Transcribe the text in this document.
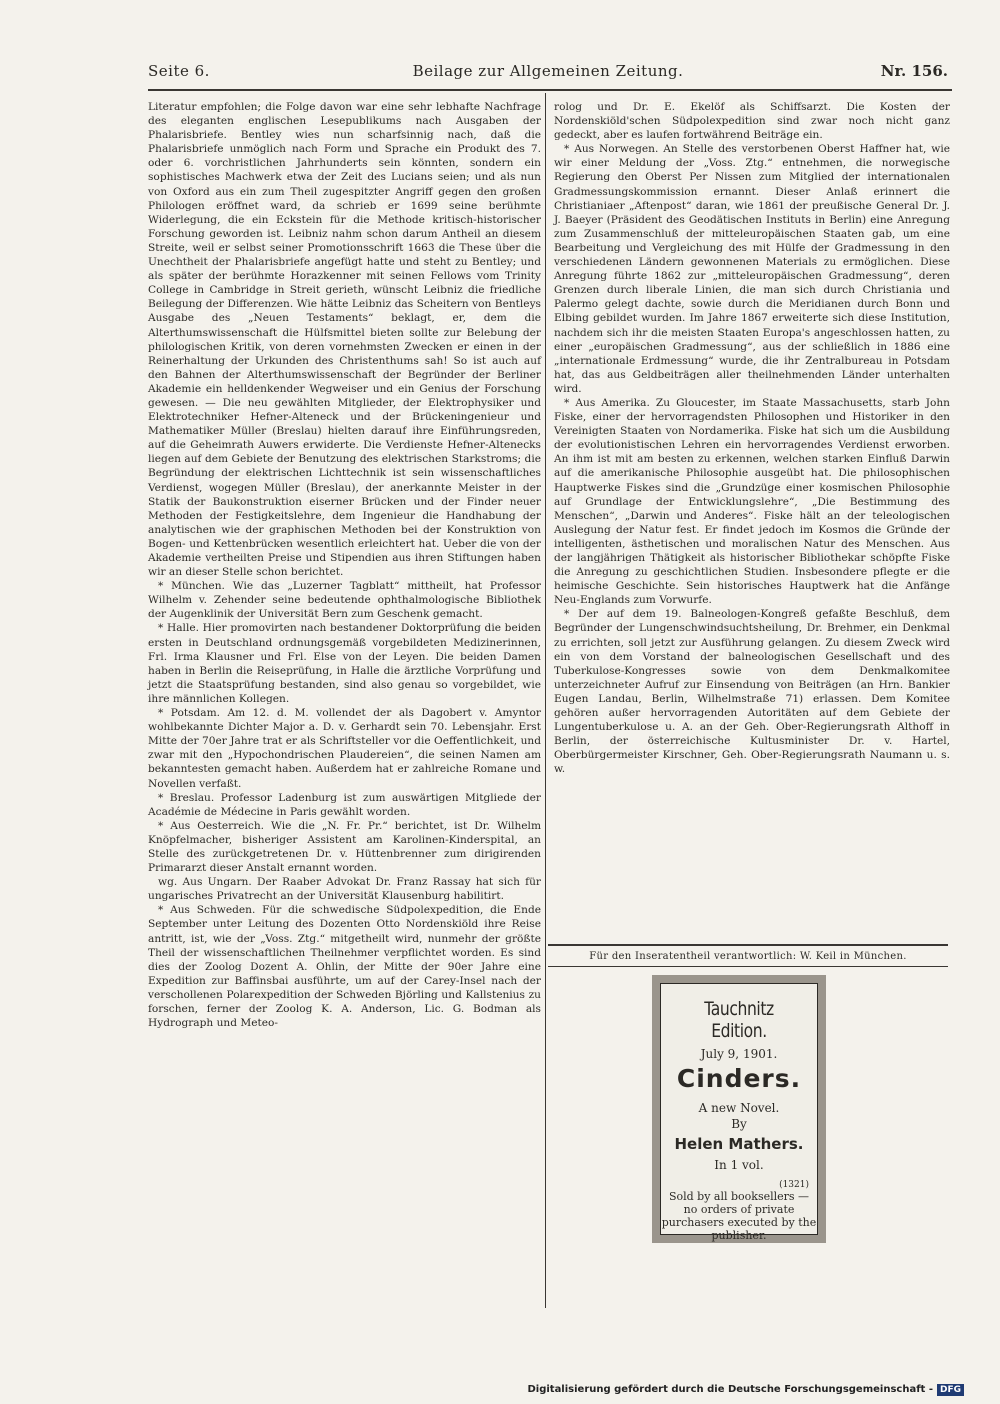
Seite 6.	Beilage zur Allgemeinen Zeitung.	Nr. 156.

Literatur empfohlen; die Folge davon war eine sehr lebhafte Nachfrage des eleganten englischen Lesepublikums nach Ausgaben der Phalarisbriefe. Bentley wies nun scharfsinnig nach, daß die Phalarisbriefe unmöglich nach Form und Sprache ein Produkt des 7. oder 6. vorchristlichen Jahrhunderts sein könnten, sondern ein sophistisches Machwerk etwa der Zeit des Lucians seien; und als nun von Oxford aus ein zum Theil zugespitzter Angriff gegen den großen Philologen eröffnet ward, da schrieb er 1699 seine berühmte Widerlegung, die ein Eckstein für die Methode kritisch-historischer Forschung geworden ist. Leibniz nahm schon darum Antheil an diesem Streite, weil er selbst seiner Promotionsschrift 1663 die These über die Unechtheit der Phalarisbriefe angefügt hatte und steht zu Bentley; und als später der berühmte Horazkenner mit seinen Fellows vom Trinity College in Cambridge in Streit gerieth, wünscht Leibniz die friedliche Beilegung der Differenzen. Wie hätte Leibniz das Scheitern von Bentleys Ausgabe des „Neuen Testaments“ beklagt, er, dem die Alterthumswissenschaft die Hülfsmittel bieten sollte zur Belebung der philologischen Kritik, von deren vornehmsten Zwecken er einen in der Reinerhaltung der Urkunden des Christenthums sah! So ist auch auf den Bahnen der Alterthumswissenschaft der Begründer der Berliner Akademie ein helldenkender Wegweiser und ein Genius der Forschung gewesen. — Die neu gewählten Mitglieder, der Elektrophysiker und Elektrotechniker Hefner-Alteneck und der Brückeningenieur und Mathematiker Müller (Breslau) hielten darauf ihre Einführungsreden, auf die Geheimrath Auwers erwiderte. Die Verdienste Hefner-Altenecks liegen auf dem Gebiete der Benutzung des elektrischen Starkstroms; die Begründung der elektrischen Lichttechnik ist sein wissenschaftliches Verdienst, wogegen Müller (Breslau), der anerkannte Meister in der Statik der Baukonstruktion eiserner Brücken und der Finder neuer Methoden der Festigkeitslehre, dem Ingenieur die Handhabung der analytischen wie der graphischen Methoden bei der Konstruktion von Bogen- und Kettenbrücken wesentlich erleichtert hat. Ueber die von der Akademie vertheilten Preise und Stipendien aus ihren Stiftungen haben wir an dieser Stelle schon berichtet.

* München. Wie das „Luzerner Tagblatt“ mittheilt, hat Professor Wilhelm v. Zehender seine bedeutende ophthalmologische Bibliothek der Augenklinik der Universität Bern zum Geschenk gemacht.

* Halle. Hier promovirten nach bestandener Doktorprüfung die beiden ersten in Deutschland ordnungsgemäß vorgebildeten Medizinerinnen, Frl. Irma Klausner und Frl. Else von der Leyen. Die beiden Damen haben in Berlin die Reiseprüfung, in Halle die ärztliche Vorprüfung und jetzt die Staatsprüfung bestanden, sind also genau so vorgebildet, wie ihre männlichen Kollegen.

* Potsdam. Am 12. d. M. vollendet der als Dagobert v. Amyntor wohlbekannte Dichter Major a. D. v. Gerhardt sein 70. Lebensjahr. Erst Mitte der 70er Jahre trat er als Schriftsteller vor die Oeffentlichkeit, und zwar mit den „Hypochondrischen Plaudereien“, die seinen Namen am bekanntesten gemacht haben. Außerdem hat er zahlreiche Romane und Novellen verfaßt.

* Breslau. Professor Ladenburg ist zum auswärtigen Mitgliede der Académie de Médecine in Paris gewählt worden.

* Aus Oesterreich. Wie die „N. Fr. Pr.“ berichtet, ist Dr. Wilhelm Knöpfelmacher, bisheriger Assistent am Karolinen-Kinderspital, an Stelle des zurückgetretenen Dr. v. Hüttenbrenner zum dirigirenden Primararzt dieser Anstalt ernannt worden.

wg. Aus Ungarn. Der Raaber Advokat Dr. Franz Rassay hat sich für ungarisches Privatrecht an der Universität Klausenburg habilitirt.

* Aus Schweden. Für die schwedische Südpolexpedition, die Ende September unter Leitung des Dozenten Otto Nordenskiöld ihre Reise antritt, ist, wie der „Voss. Ztg.“ mitgetheilt wird, nunmehr der größte Theil der wissenschaftlichen Theilnehmer verpflichtet worden. Es sind dies der Zoolog Dozent A. Ohlin, der Mitte der 90er Jahre eine Expedition zur Baffinsbai ausführte, um auf der Carey-Insel nach der verschollenen Polarexpedition der Schweden Björling und Kallstenius zu forschen, ferner der Zoolog K. A. Anderson, Lic. G. Bodman als Hydrograph und Meteo-

rolog und Dr. E. Ekelöf als Schiffsarzt. Die Kosten der Nordenskiöld'schen Südpolexpedition sind zwar noch nicht ganz gedeckt, aber es laufen fortwährend Beiträge ein.

* Aus Norwegen. An Stelle des verstorbenen Oberst Haffner hat, wie wir einer Meldung der „Voss. Ztg.“ entnehmen, die norwegische Regierung den Oberst Per Nissen zum Mitglied der internationalen Gradmessungskommission ernannt. Dieser Anlaß erinnert die Christianiaer „Aftenpost“ daran, wie 1861 der preußische General Dr. J. J. Baeyer (Präsident des Geodätischen Instituts in Berlin) eine Anregung zum Zusammenschluß der mitteleuropäischen Staaten gab, um eine Bearbeitung und Vergleichung des mit Hülfe der Gradmessung in den verschiedenen Ländern gewonnenen Materials zu ermöglichen. Diese Anregung führte 1862 zur „mitteleuropäischen Gradmessung“, deren Grenzen durch liberale Linien, die man sich durch Christiania und Palermo gelegt dachte, sowie durch die Meridianen durch Bonn und Elbing gebildet wurden. Im Jahre 1867 erweiterte sich diese Institution, nachdem sich ihr die meisten Staaten Europa's angeschlossen hatten, zu einer „europäischen Gradmessung“, aus der schließlich in 1886 eine „internationale Erdmessung“ wurde, die ihr Zentralbureau in Potsdam hat, das aus Geldbeiträgen aller theilnehmenden Länder unterhalten wird.

* Aus Amerika. Zu Gloucester, im Staate Massachusetts, starb John Fiske, einer der hervorragendsten Philosophen und Historiker in den Vereinigten Staaten von Nordamerika. Fiske hat sich um die Ausbildung der evolutionistischen Lehren ein hervorragendes Verdienst erworben. An ihm ist mit am besten zu erkennen, welchen starken Einfluß Darwin auf die amerikanische Philosophie ausgeübt hat. Die philosophischen Hauptwerke Fiskes sind die „Grundzüge einer kosmischen Philosophie auf Grundlage der Entwicklungslehre“, „Die Bestimmung des Menschen“, „Darwin und Anderes“. Fiske hält an der teleologischen Auslegung der Natur fest. Er findet jedoch im Kosmos die Gründe der intelligenten, ästhetischen und moralischen Natur des Menschen. Aus der langjährigen Thätigkeit als historischer Bibliothekar schöpfte Fiske die Anregung zu geschichtlichen Studien. Insbesondere pflegte er die heimische Geschichte. Sein historisches Hauptwerk hat die Anfänge Neu-Englands zum Vorwurfe.

* Der auf dem 19. Balneologen-Kongreß gefaßte Beschluß, dem Begründer der Lungenschwindsuchtsheilung, Dr. Brehmer, ein Denkmal zu errichten, soll jetzt zur Ausführung gelangen. Zu diesem Zweck wird ein von dem Vorstand der balneologischen Gesellschaft und des Tuberkulose-Kongresses sowie von dem Denkmalkomitee unterzeichneter Aufruf zur Einsendung von Beiträgen (an Hrn. Bankier Eugen Landau, Berlin, Wilhelmstraße 71) erlassen. Dem Komitee gehören außer hervorragenden Autoritäten auf dem Gebiete der Lungentuberkulose u. A. an der Geh. Ober-Regierungsrath Althoff in Berlin, der österreichische Kultusminister Dr. v. Hartel, Oberbürgermeister Kirschner, Geh. Ober-Regierungsrath Naumann u. s. w.

Für den Inseratentheil verantwortlich: W. Keil in München.
Tauchnitz Edition.
July 9, 1901.
Cinders.
A new Novel.
By
Helen Mathers.
In 1 vol.
(1321)
Sold by all booksellers — no orders of private purchasers executed by the publisher.
Digitalisierung gefördert durch die Deutsche Forschungsgemeinschaft - DFG
